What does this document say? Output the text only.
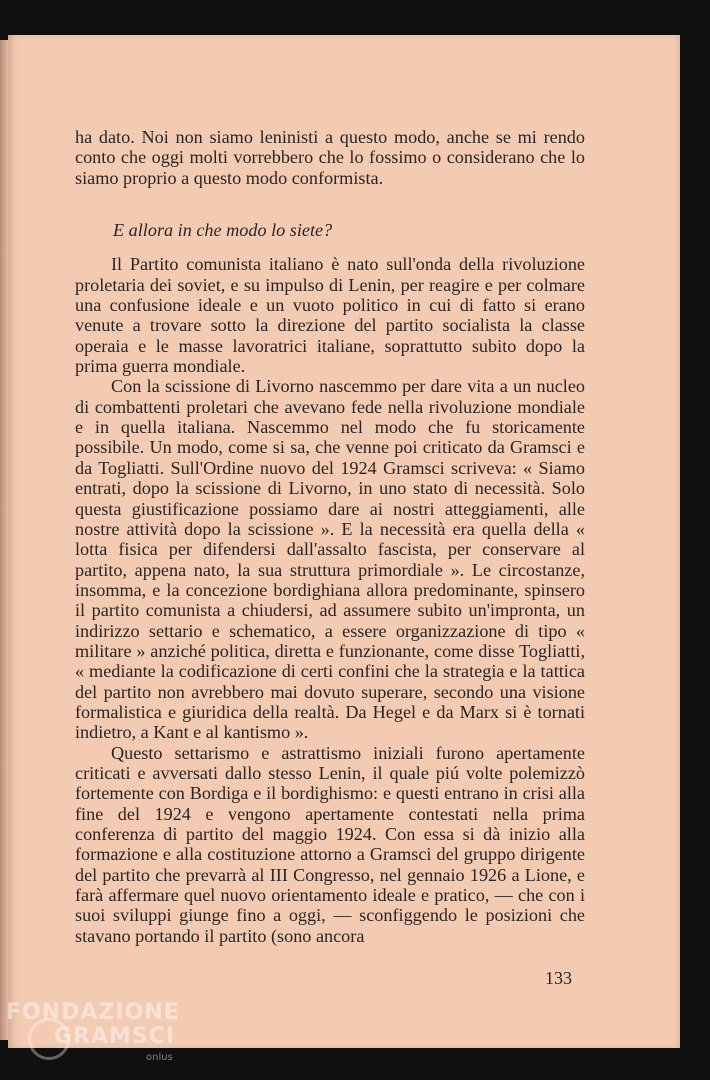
ha dato. Noi non siamo leninisti a questo modo, anche se mi rendo conto che oggi molti vorrebbero che lo fossimo o considerano che lo siamo proprio a questo modo conformista.

E allora in che modo lo siete?

Il Partito comunista italiano è nato sull'onda della rivoluzione proletaria dei soviet, e su impulso di Lenin, per reagire e per colmare una confusione ideale e un vuoto politico in cui di fatto si erano venute a trovare sotto la direzione del partito socialista la classe operaia e le masse lavoratrici italiane, soprattutto subito dopo la prima guerra mondiale.

Con la scissione di Livorno nascemmo per dare vita a un nucleo di combattenti proletari che avevano fede nella rivoluzione mondiale e in quella italiana. Nascemmo nel modo che fu storicamente possibile. Un modo, come si sa, che venne poi criticato da Gramsci e da Togliatti. Sull'Ordine nuovo del 1924 Gramsci scriveva: « Siamo entrati, dopo la scissione di Livorno, in uno stato di necessità. Solo questa giustificazione possiamo dare ai nostri atteggiamenti, alle nostre attività dopo la scissione ». E la necessità era quella della « lotta fisica per difendersi dall'assalto fascista, per conservare al partito, appena nato, la sua struttura primordiale ». Le circostanze, insomma, e la concezione bordighiana allora predominante, spinsero il partito comunista a chiudersi, ad assumere subito un'impronta, un indirizzo settario e schematico, a essere organizzazione di tipo « militare » anziché politica, diretta e funzionante, come disse Togliatti, « mediante la codificazione di certi confini che la strategia e la tattica del partito non avrebbero mai dovuto superare, secondo una visione formalistica e giuridica della realtà. Da Hegel e da Marx si è tornati indietro, a Kant e al kantismo ».

Questo settarismo e astrattismo iniziali furono apertamente criticati e avversati dallo stesso Lenin, il quale piú volte polemizzò fortemente con Bordiga e il bordighismo: e questi entrano in crisi alla fine del 1924 e vengono apertamente contestati nella prima conferenza di partito del maggio 1924. Con essa si dà inizio alla formazione e alla costituzione attorno a Gramsci del gruppo dirigente del partito che prevarrà al III Congresso, nel gennaio 1926 a Lione, e farà affermare quel nuovo orientamento ideale e pratico, — che con i suoi sviluppi giunge fino a oggi, — sconfiggendo le posizioni che stavano portando il partito (sono ancora

133
FONDAZIONE
GRAMSCI
onlus
